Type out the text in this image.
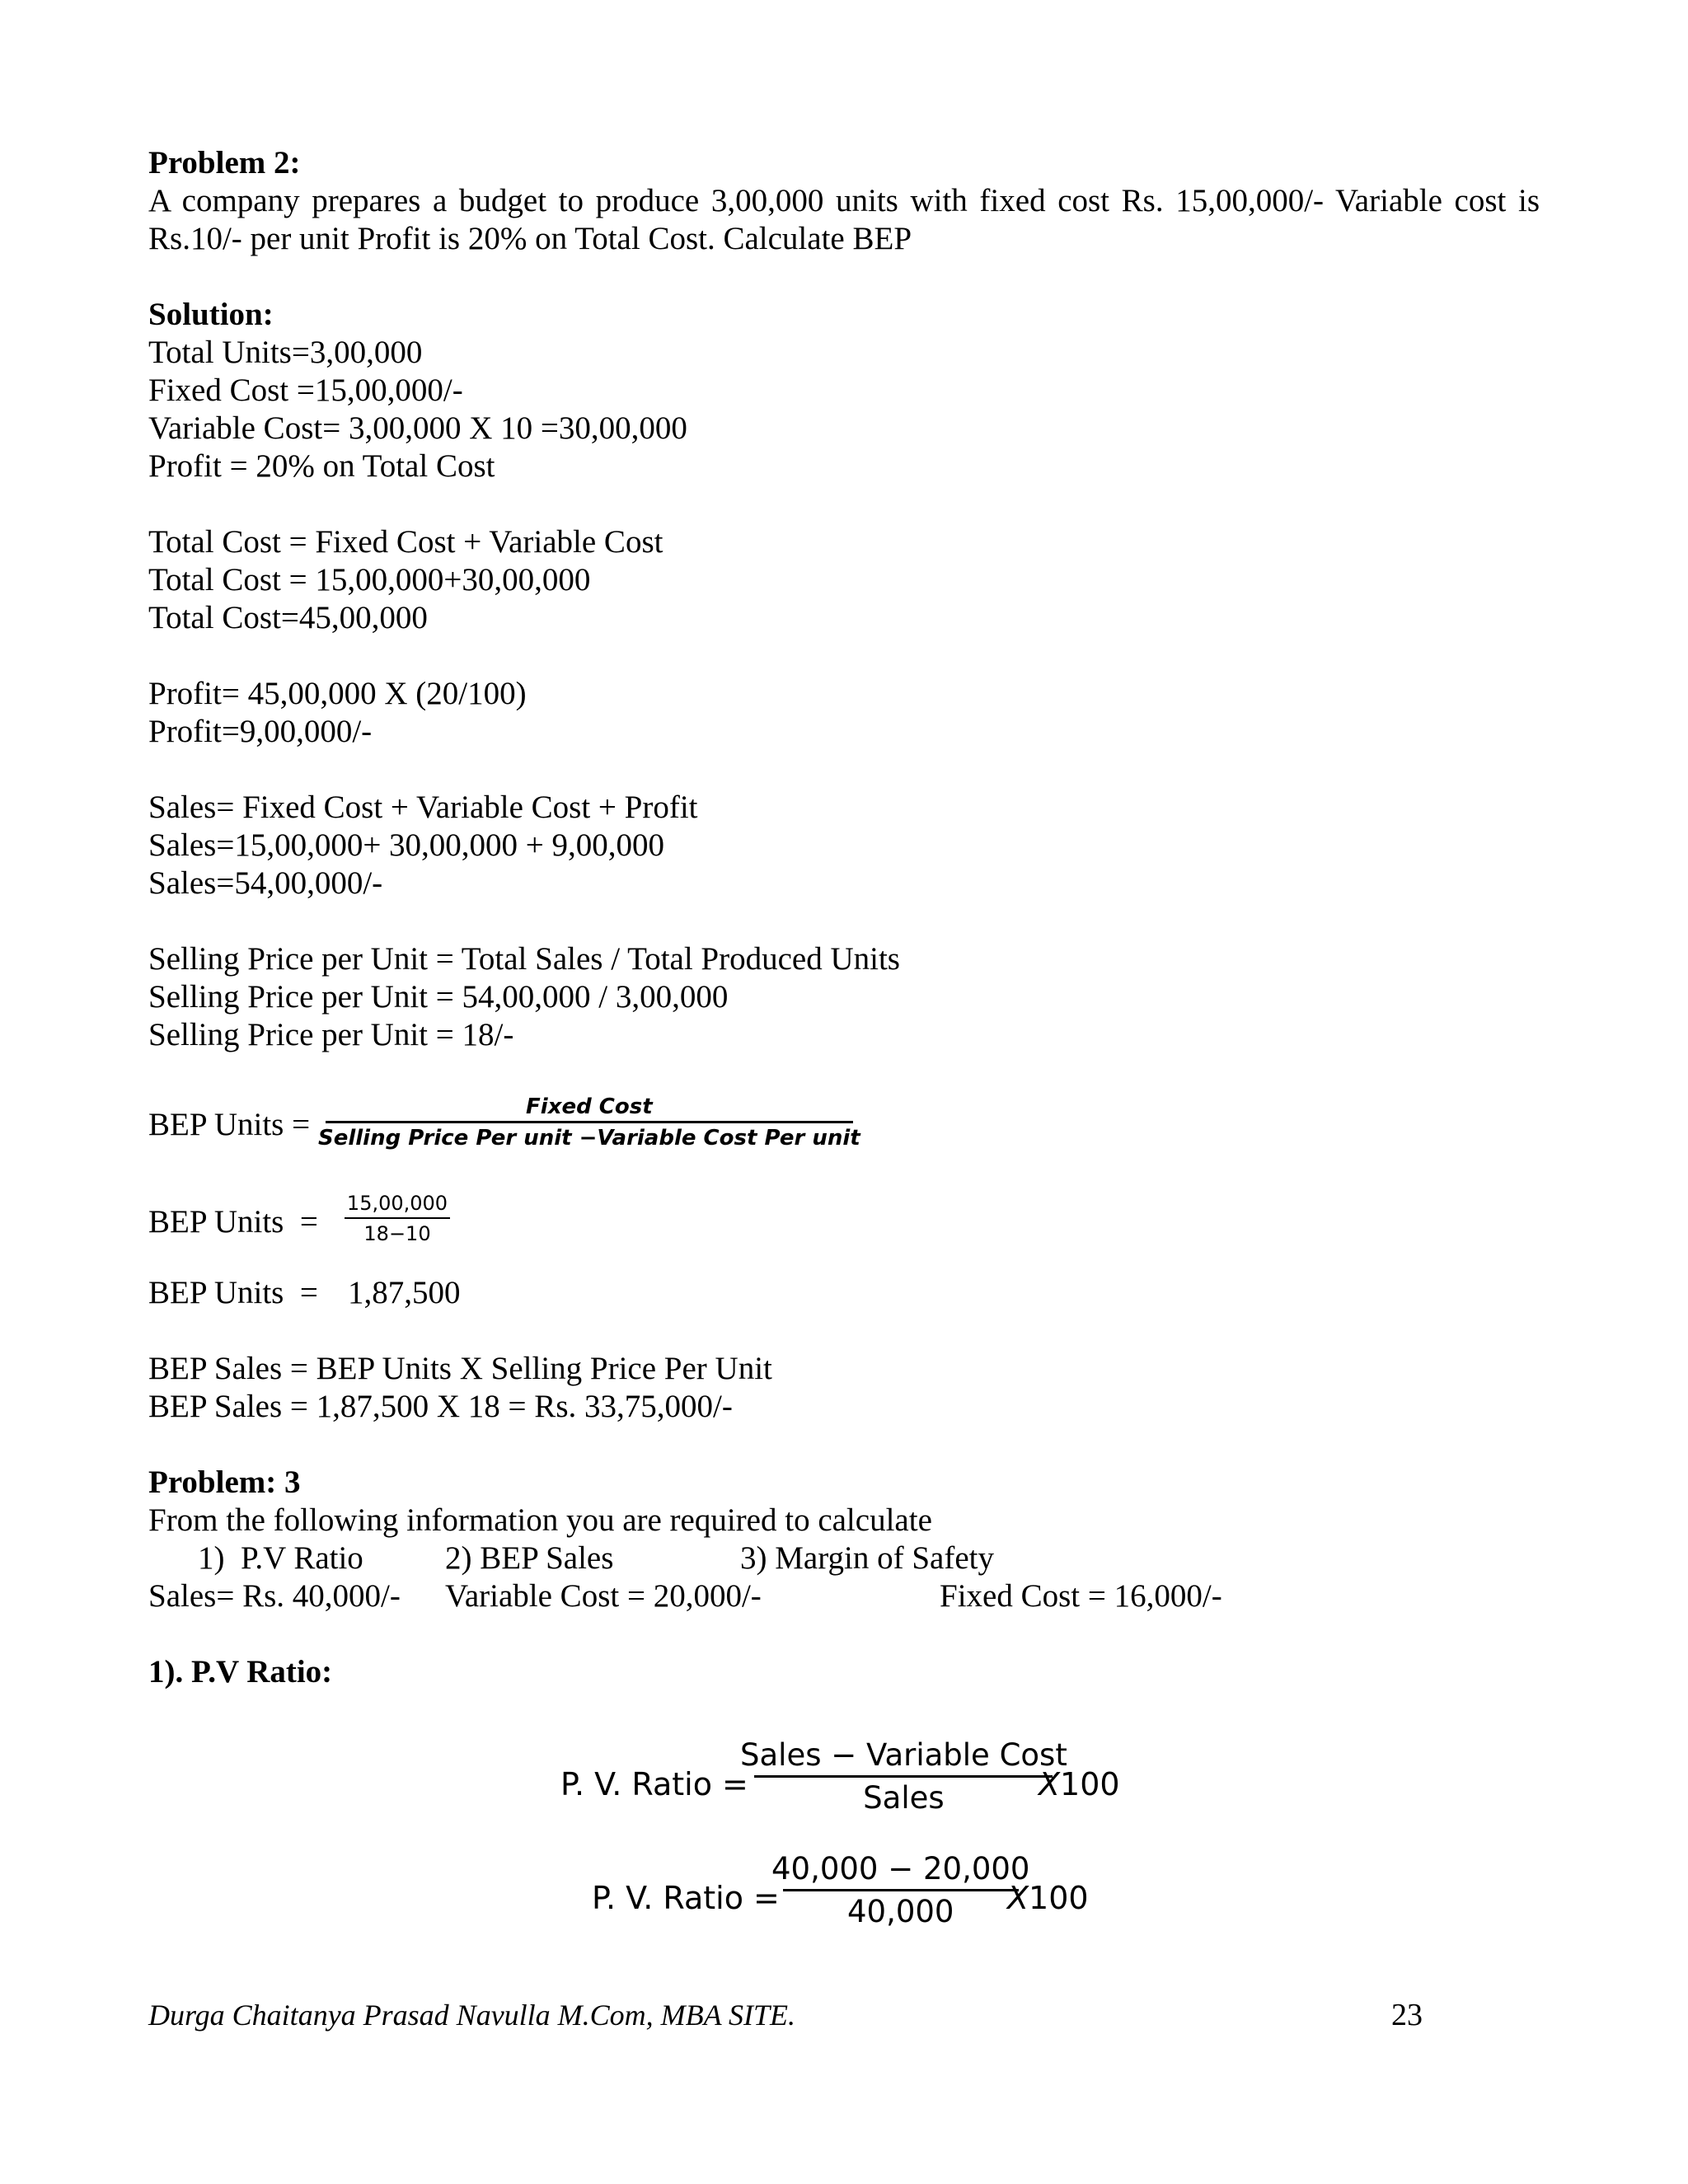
Problem 2:

A company prepares a budget to produce 3,00,000 units with fixed cost Rs. 15,00,000/- Variable cost is

Rs.10/- per unit Profit is 20% on Total Cost. Calculate BEP

Solution:

Total Units=3,00,000

Fixed Cost =15,00,000/-

Variable Cost= 3,00,000 X 10 =30,00,000

Profit = 20% on Total Cost

Total Cost = Fixed Cost + Variable Cost

Total Cost = 15,00,000+30,00,000

Total Cost=45,00,000

Profit= 45,00,000 X (20/100)

Profit=9,00,000/-

Sales= Fixed Cost + Variable Cost + Profit

Sales=15,00,000+ 30,00,000 + 9,00,000

Sales=54,00,000/-

Selling Price per Unit = Total Sales / Total Produced Units

Selling Price per Unit = 54,00,000 / 3,00,000

Selling Price per Unit = 18/-

BEP Units =	Fixed Cost
Selling Price Per unit −Variable Cost Per unit
BEP Units  =
15,00,000
18−10
BEP Units  = 1,87,500

BEP Sales = BEP Units X Selling Price Per Unit

BEP Sales = 1,87,500 X 18 = Rs. 33,75,000/-

Problem: 3

From the following information you are required to calculate

1)  P.V Ratio	2) BEP Sales	3) Margin of Safety
Sales= Rs. 40,000/- Variable Cost = 20,000/-	Fixed Cost = 16,000/-

1). P.V Ratio:

P. V. Ratio =
Sales − Variable Cost
Sales	X100
P. V. Ratio =
40,000 − 20,000
40,000 X100
Durga Chaitanya Prasad Navulla M.Com, MBA SITE.	23
